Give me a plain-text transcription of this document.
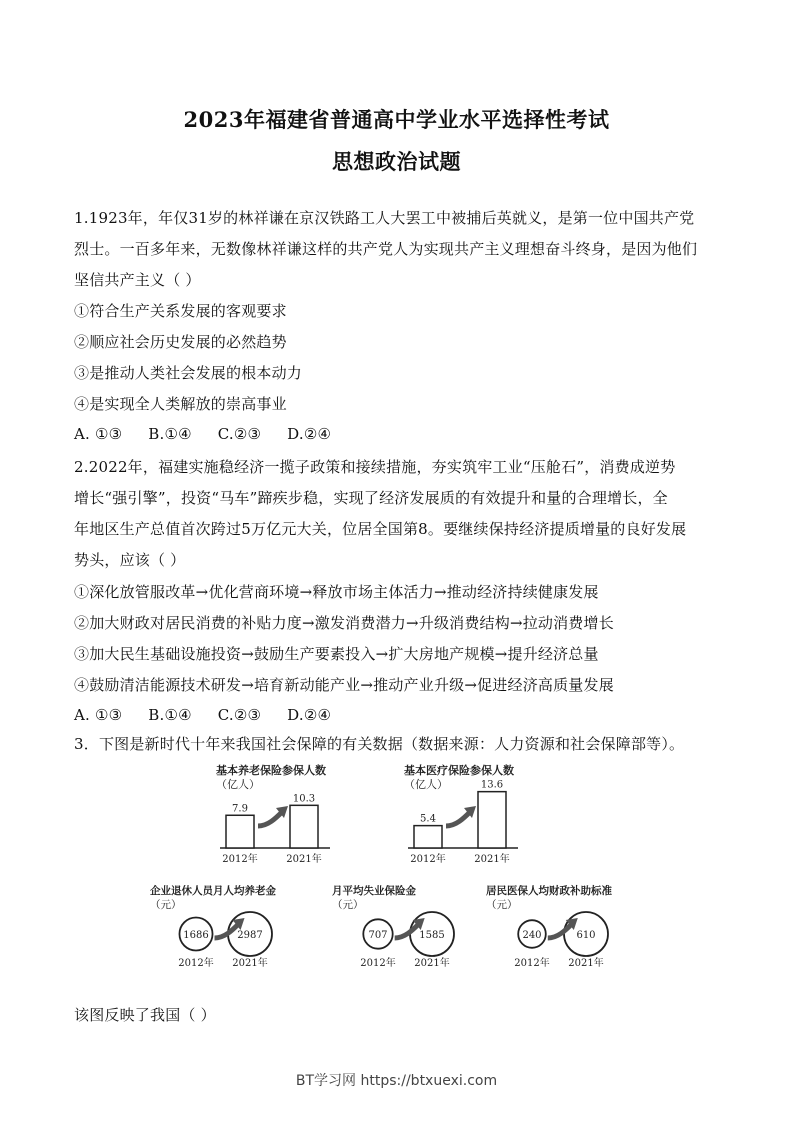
2023年福建省普通高中学业水平选择性考试
思想政治试题
1.1923年，年仅31岁的林祥谦在京汉铁路工人大罢工中被捕后英就义，是第一位中国共产党
烈士。一百多年来，无数像林祥谦这样的共产党人为实现共产主义理想奋斗终身，是因为他们
坚信共产主义（ ）
①符合生产关系发展的客观要求
②顺应社会历史发展的必然趋势
③是推动人类社会发展的根本动力
④是实现全人类解放的崇高事业
A. ①③ B.①④ C.②③ D.②④
2.2022年，福建实施稳经济一揽子政策和接续措施，夯实筑牢工业“压舱石”，消费成逆势
增长“强引擎”，投资“马车”蹄疾步稳，实现了经济发展质的有效提升和量的合理增长，全
年地区生产总值首次跨过5万亿元大关，位居全国第8。要继续保持经济提质增量的良好发展
势头，应该（ ）
①深化放管服改革→优化营商环境→释放市场主体活力→推动经济持续健康发展
②加大财政对居民消费的补贴力度→激发消费潜力→升级消费结构→拉动消费增长
③加大民生基础设施投资→鼓励生产要素投入→扩大房地产规模→提升经济总量
④鼓励清洁能源技术研发→培育新动能产业→推动产业升级→促进经济高质量发展
A. ①③ B.①④ C.②③ D.②④
3．下图是新时代十年来我国社会保障的有关数据（数据来源：人力资源和社会保障部等）。
基本养老保险参保人数
（亿人）
7.9
2012年
10.3
2021年
基本医疗保险参保人数
（亿人）
5.4
2012年
13.6
2021年
企业退休人员月人均养老金
（元）
1686
2012年
2987
2021年
月平均失业保险金
（元）
707
2012年
1585
2021年
居民医保人均财政补助标准
（元）
240
2012年
610
2021年
该图反映了我国（ ）
BT学习网 https://btxuexi.com
